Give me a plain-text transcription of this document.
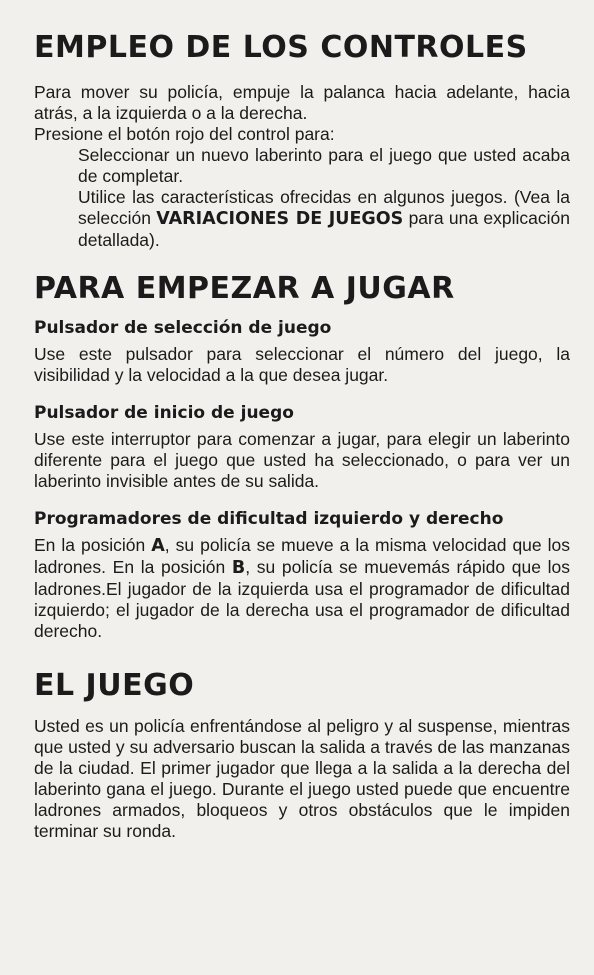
EMPLEO DE LOS CONTROLES

Para mover su policía, empuje la palanca hacia adelante, hacia atrás, a la izquierda o a la derecha.

Presione el botón rojo del control para:

Seleccionar un nuevo laberinto para el juego que usted acaba de completar.

Utilice las características ofrecidas en algunos juegos. (Vea la selección VARIACIONES DE JUEGOS para una explicación detallada).

PARA EMPEZAR A JUGAR
Pulsador de selección de juego

Use este pulsador para seleccionar el número del juego, la visibilidad y la velocidad a la que desea jugar.

Pulsador de inicio de juego

Use este interruptor para comenzar a jugar, para elegir un laberinto diferente para el juego que usted ha seleccionado, o para ver un laberinto invisible antes de su salida.

Programadores de dificultad izquierdo y derecho

En la posición A, su policía se mueve a la misma velocidad que los ladrones. En la posición B, su policía se muevemás rápido que los ladrones.El jugador de la izquierda usa el programador de dificultad izquierdo; el jugador de la derecha usa el programador de dificultad derecho.

EL JUEGO

Usted es un policía enfrentándose al peligro y al suspense, mientras que usted y su adversario buscan la salida a través de las manzanas de la ciudad. El primer jugador que llega a la salida a la derecha del laberinto gana el juego. Durante el juego usted puede que encuentre ladrones armados, bloqueos y otros obstáculos que le impiden terminar su ronda.
